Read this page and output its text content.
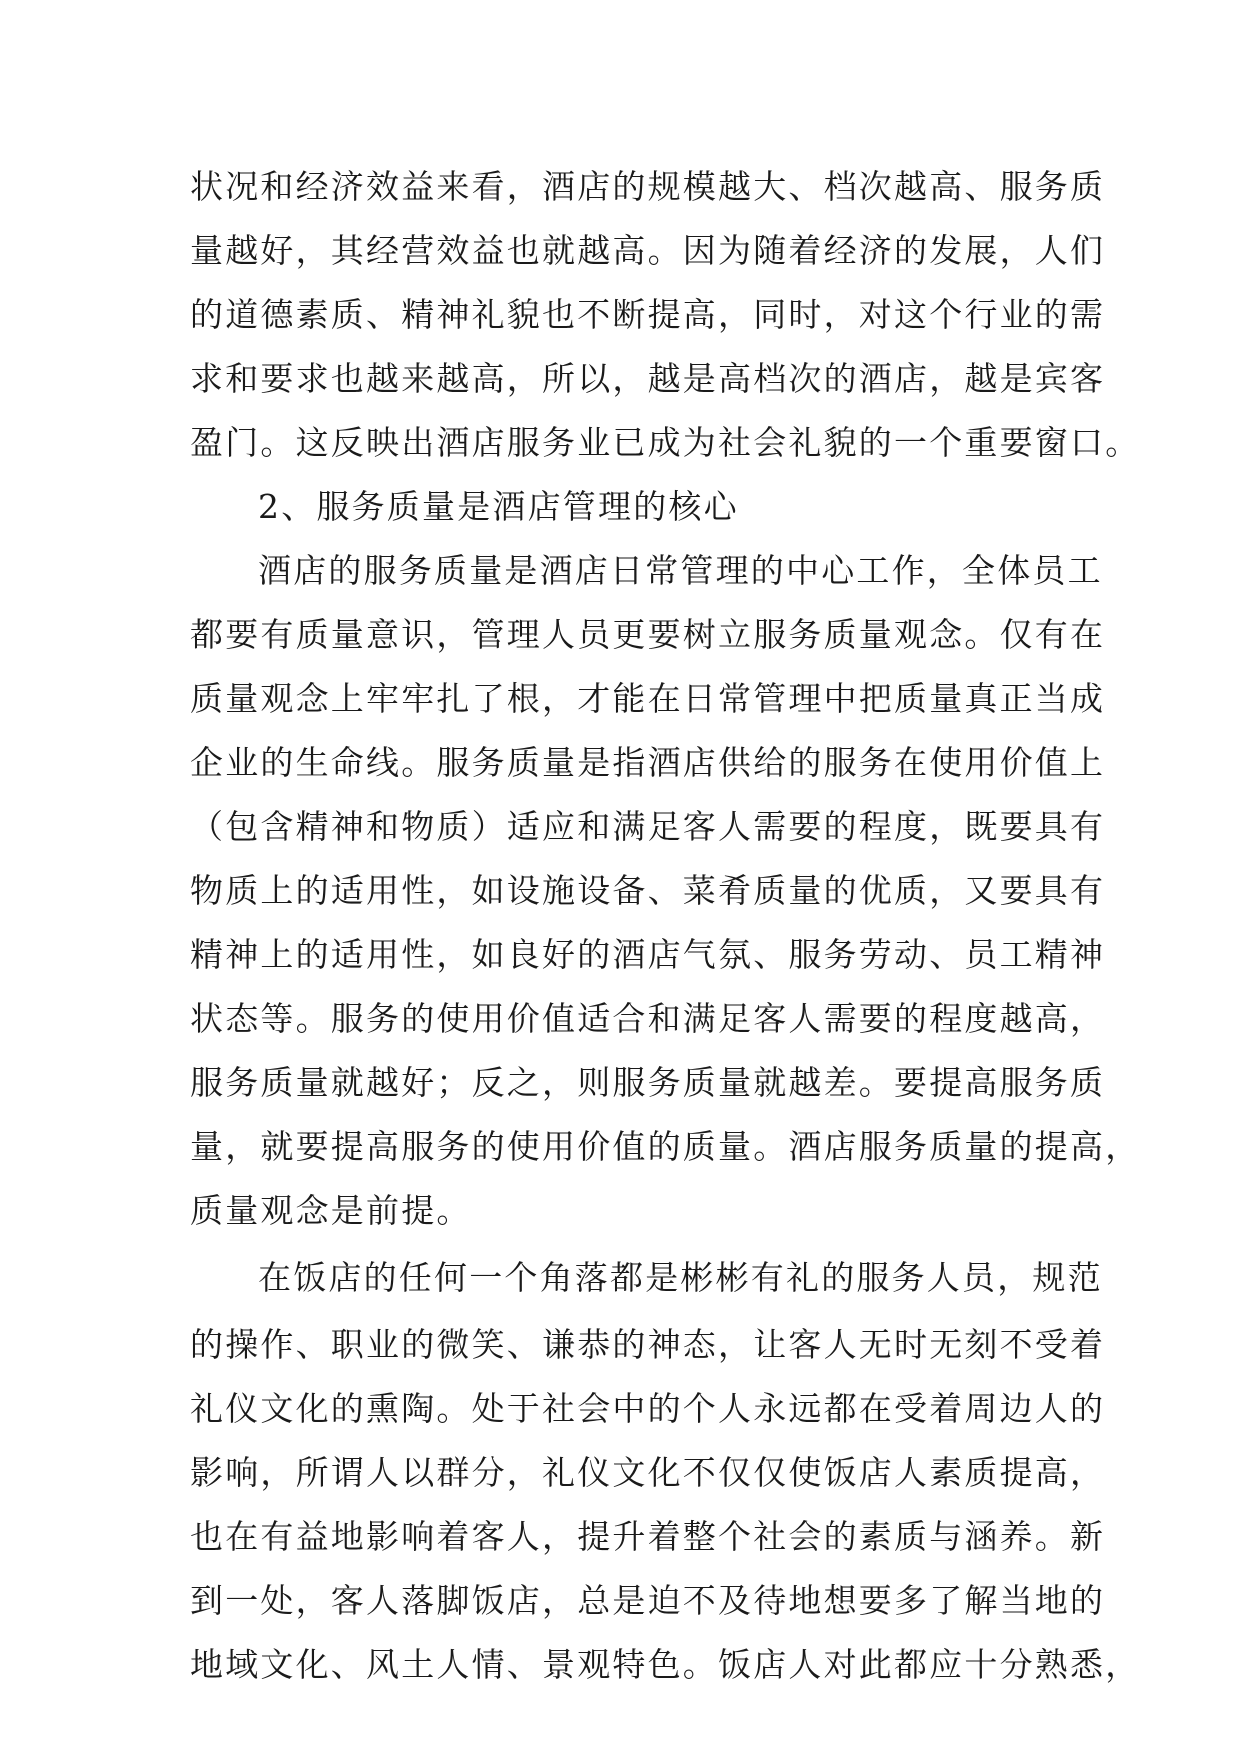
状况和经济效益来看，酒店的规模越大、档次越高、服务质
量越好，其经营效益也就越高。因为随着经济的发展，人们
的道德素质、精神礼貌也不断提高，同时，对这个行业的需
求和要求也越来越高，所以，越是高档次的酒店，越是宾客
盈门。这反映出酒店服务业已成为社会礼貌的一个重要窗口。
2、服务质量是酒店管理的核心
酒店的服务质量是酒店日常管理的中心工作，全体员工
都要有质量意识，管理人员更要树立服务质量观念。仅有在
质量观念上牢牢扎了根，才能在日常管理中把质量真正当成
企业的生命线。服务质量是指酒店供给的服务在使用价值上
（包含精神和物质）适应和满足客人需要的程度，既要具有
物质上的适用性，如设施设备、菜肴质量的优质，又要具有
精神上的适用性，如良好的酒店气氛、服务劳动、员工精神
状态等。服务的使用价值适合和满足客人需要的程度越高，
服务质量就越好；反之，则服务质量就越差。要提高服务质
量，就要提高服务的使用价值的质量。酒店服务质量的提高，
质量观念是前提。
在饭店的任何一个角落都是彬彬有礼的服务人员，规范
的操作、职业的微笑、谦恭的神态，让客人无时无刻不受着
礼仪文化的熏陶。处于社会中的个人永远都在受着周边人的
影响，所谓人以群分，礼仪文化不仅仅使饭店人素质提高，
也在有益地影响着客人，提升着整个社会的素质与涵养。新
到一处，客人落脚饭店，总是迫不及待地想要多了解当地的
地域文化、风土人情、景观特色。饭店人对此都应十分熟悉，
